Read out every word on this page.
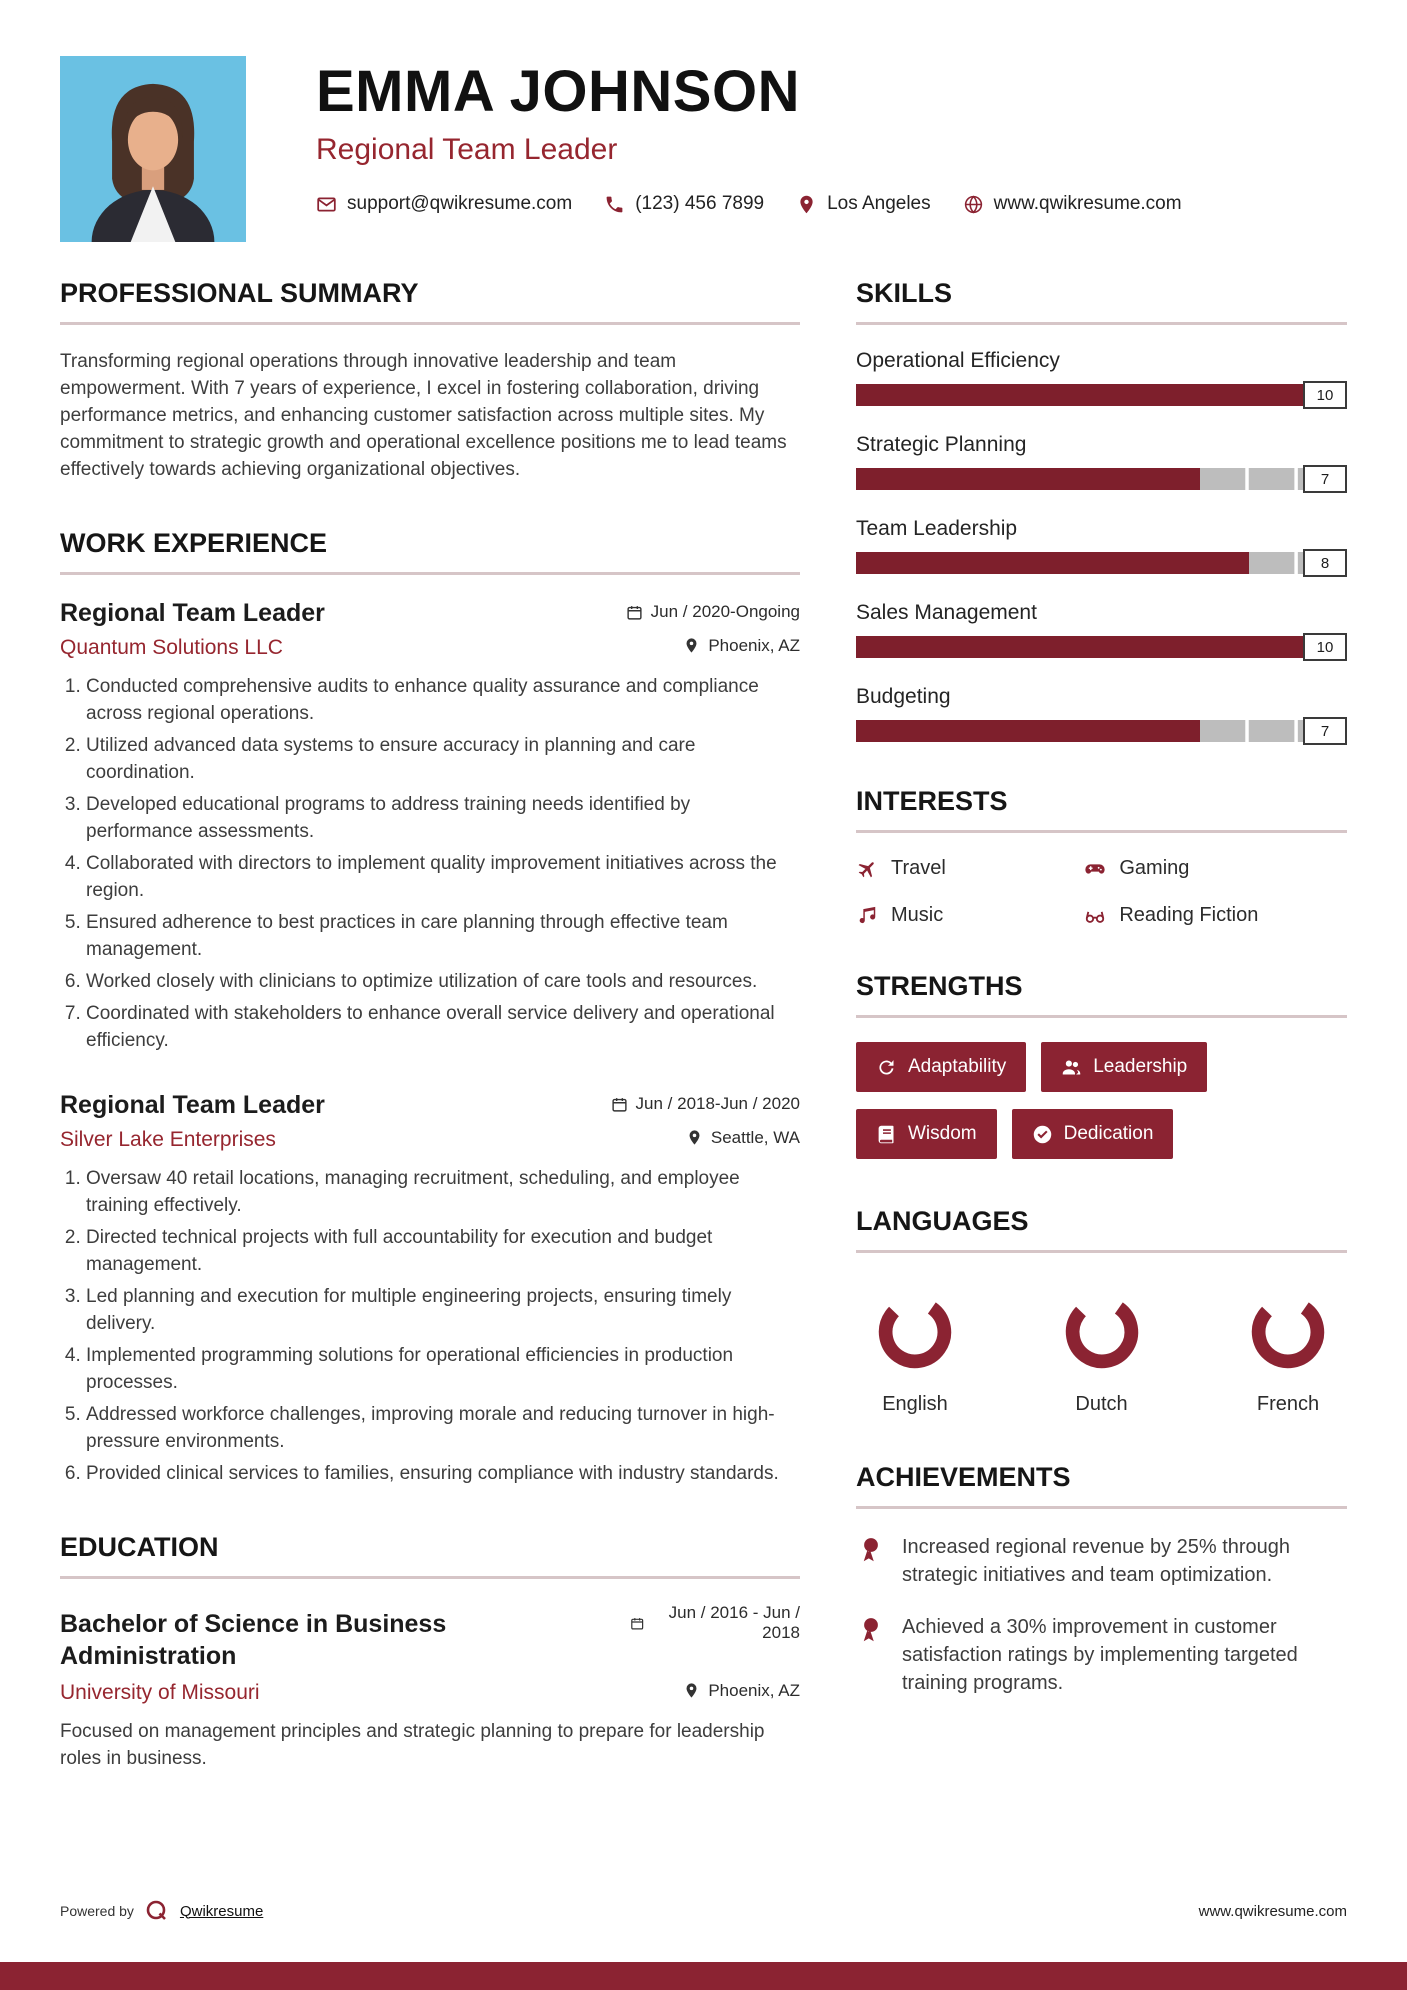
EMMA JOHNSON
Regional Team Leader
support@qwikresume.com	(123) 456 7899	Los Angeles	www.qwikresume.com
PROFESSIONAL SUMMARY

Transforming regional operations through innovative leadership and team empowerment. With 7 years of experience, I excel in fostering collaboration, driving performance metrics, and enhancing customer satisfaction across multiple sites. My commitment to strategic growth and operational excellence positions me to lead teams effectively towards achieving organizational objectives.

WORK EXPERIENCE
Regional Team Leader	Jun / 2020-Ongoing
Quantum Solutions LLC	Phoenix, AZ
1. Conducted comprehensive audits to enhance quality assurance and compliance across regional operations.
2. Utilized advanced data systems to ensure accuracy in planning and care coordination.
3. Developed educational programs to address training needs identified by performance assessments.
4. Collaborated with directors to implement quality improvement initiatives across the region.
5. Ensured adherence to best practices in care planning through effective team management.
6. Worked closely with clinicians to optimize utilization of care tools and resources.
7. Coordinated with stakeholders to enhance overall service delivery and operational efficiency.
Regional Team Leader	Jun / 2018-Jun / 2020
Silver Lake Enterprises	Seattle, WA
1. Oversaw 40 retail locations, managing recruitment, scheduling, and employee training effectively.
2. Directed technical projects with full accountability for execution and budget management.
3. Led planning and execution for multiple engineering projects, ensuring timely delivery.
4. Implemented programming solutions for operational efficiencies in production processes.
5. Addressed workforce challenges, improving morale and reducing turnover in high-pressure environments.
6. Provided clinical services to families, ensuring compliance with industry standards.
EDUCATION
Bachelor of Science in Business Administration
Jun / 2016 - Jun / 2018
University of Missouri	Phoenix, AZ

Focused on management principles and strategic planning to prepare for leadership roles in business.

SKILLS
Operational Efficiency
10
Strategic Planning
7
Team Leadership
8
Sales Management
10
Budgeting
7
INTERESTS
Travel	Gaming
Music	Reading Fiction
STRENGTHS
Adaptability	Leadership
Wisdom	Dedication
LANGUAGES
English	Dutch	French
ACHIEVEMENTS
Increased regional revenue by 25% through strategic initiatives and team optimization.
Achieved a 30% improvement in customer satisfaction ratings by implementing targeted training programs.
Powered by	Qwikresume	www.qwikresume.com
